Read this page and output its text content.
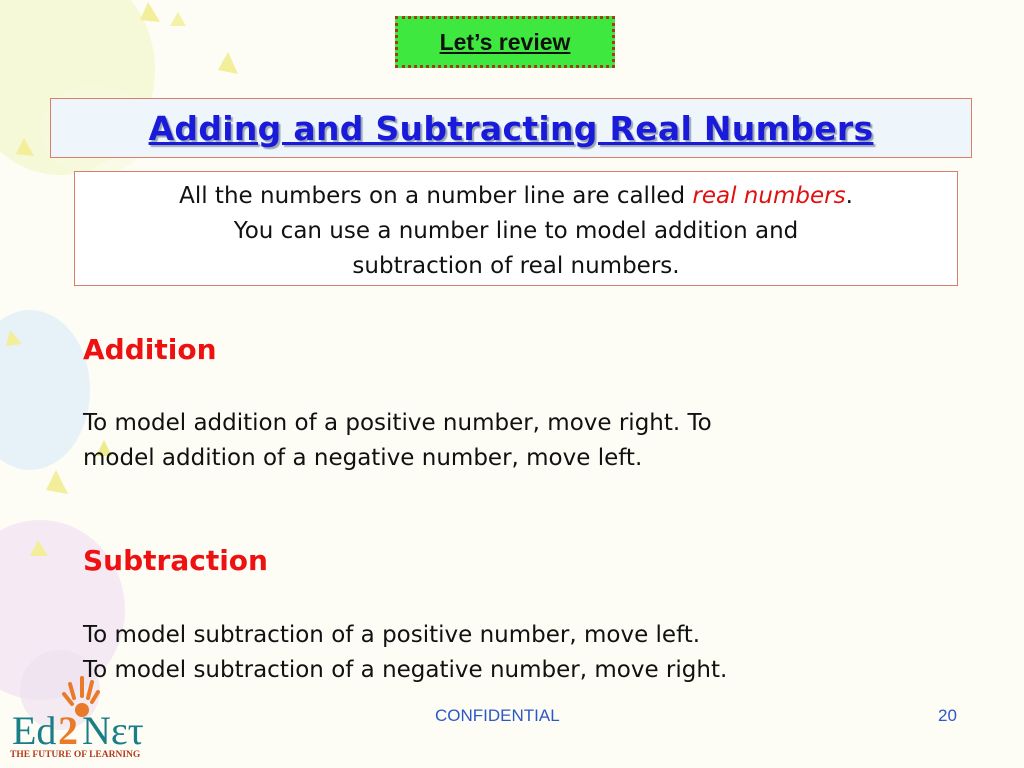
Let’s review
Adding and Subtracting Real Numbers
All the numbers on a number line are called real numbers.
You can use a number line to model addition and
subtraction of real numbers.
Addition
To model addition of a positive number, move right. To
model addition of a negative number, move left.
Subtraction
To model subtraction of a positive number, move left.
To model subtraction of a negative number, move right.
Ed 2 Nετ
THE FUTURE OF LEARNING
CONFIDENTIAL	20
